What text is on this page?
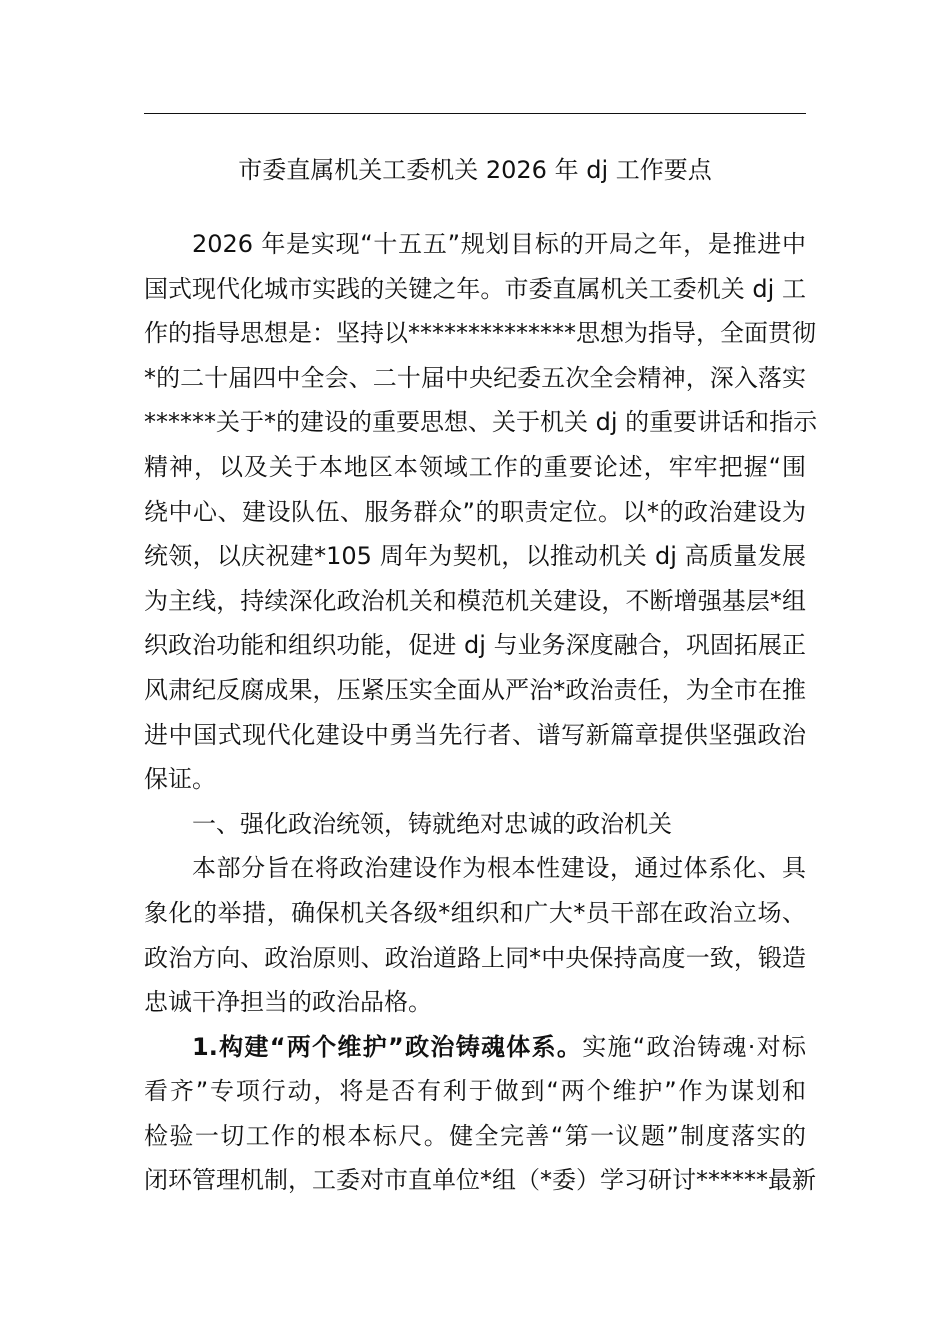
市委直属机关工委机关 2026 年 dj 工作要点
2026 年是实现“十五五”规划目标的开局之年，是推进中
国式现代化城市实践的关键之年。市委直属机关工委机关 dj 工
作的指导思想是：坚持以**************思想为指导，全面贯彻
*的二十届四中全会、二十届中央纪委五次全会精神，深入落实
******关于*的建设的重要思想、关于机关 dj 的重要讲话和指示
精神，以及关于本地区本领域工作的重要论述，牢牢把握“围
绕中心、建设队伍、服务群众”的职责定位。以*的政治建设为
统领，以庆祝建*105 周年为契机，以推动机关 dj 高质量发展
为主线，持续深化政治机关和模范机关建设，不断增强基层*组
织政治功能和组织功能，促进 dj 与业务深度融合，巩固拓展正
风肃纪反腐成果，压紧压实全面从严治*政治责任，为全市在推
进中国式现代化建设中勇当先行者、谱写新篇章提供坚强政治
保证。
一、强化政治统领，铸就绝对忠诚的政治机关
本部分旨在将政治建设作为根本性建设，通过体系化、具
象化的举措，确保机关各级*组织和广大*员干部在政治立场、
政治方向、政治原则、政治道路上同*中央保持高度一致，锻造
忠诚干净担当的政治品格。
1.构建“两个维护”政治铸魂体系。实施“政治铸魂·对标
看齐”专项行动，将是否有利于做到“两个维护”作为谋划和
检验一切工作的根本标尺。健全完善“第一议题”制度落实的
闭环管理机制，工委对市直单位*组（*委）学习研讨******最新
